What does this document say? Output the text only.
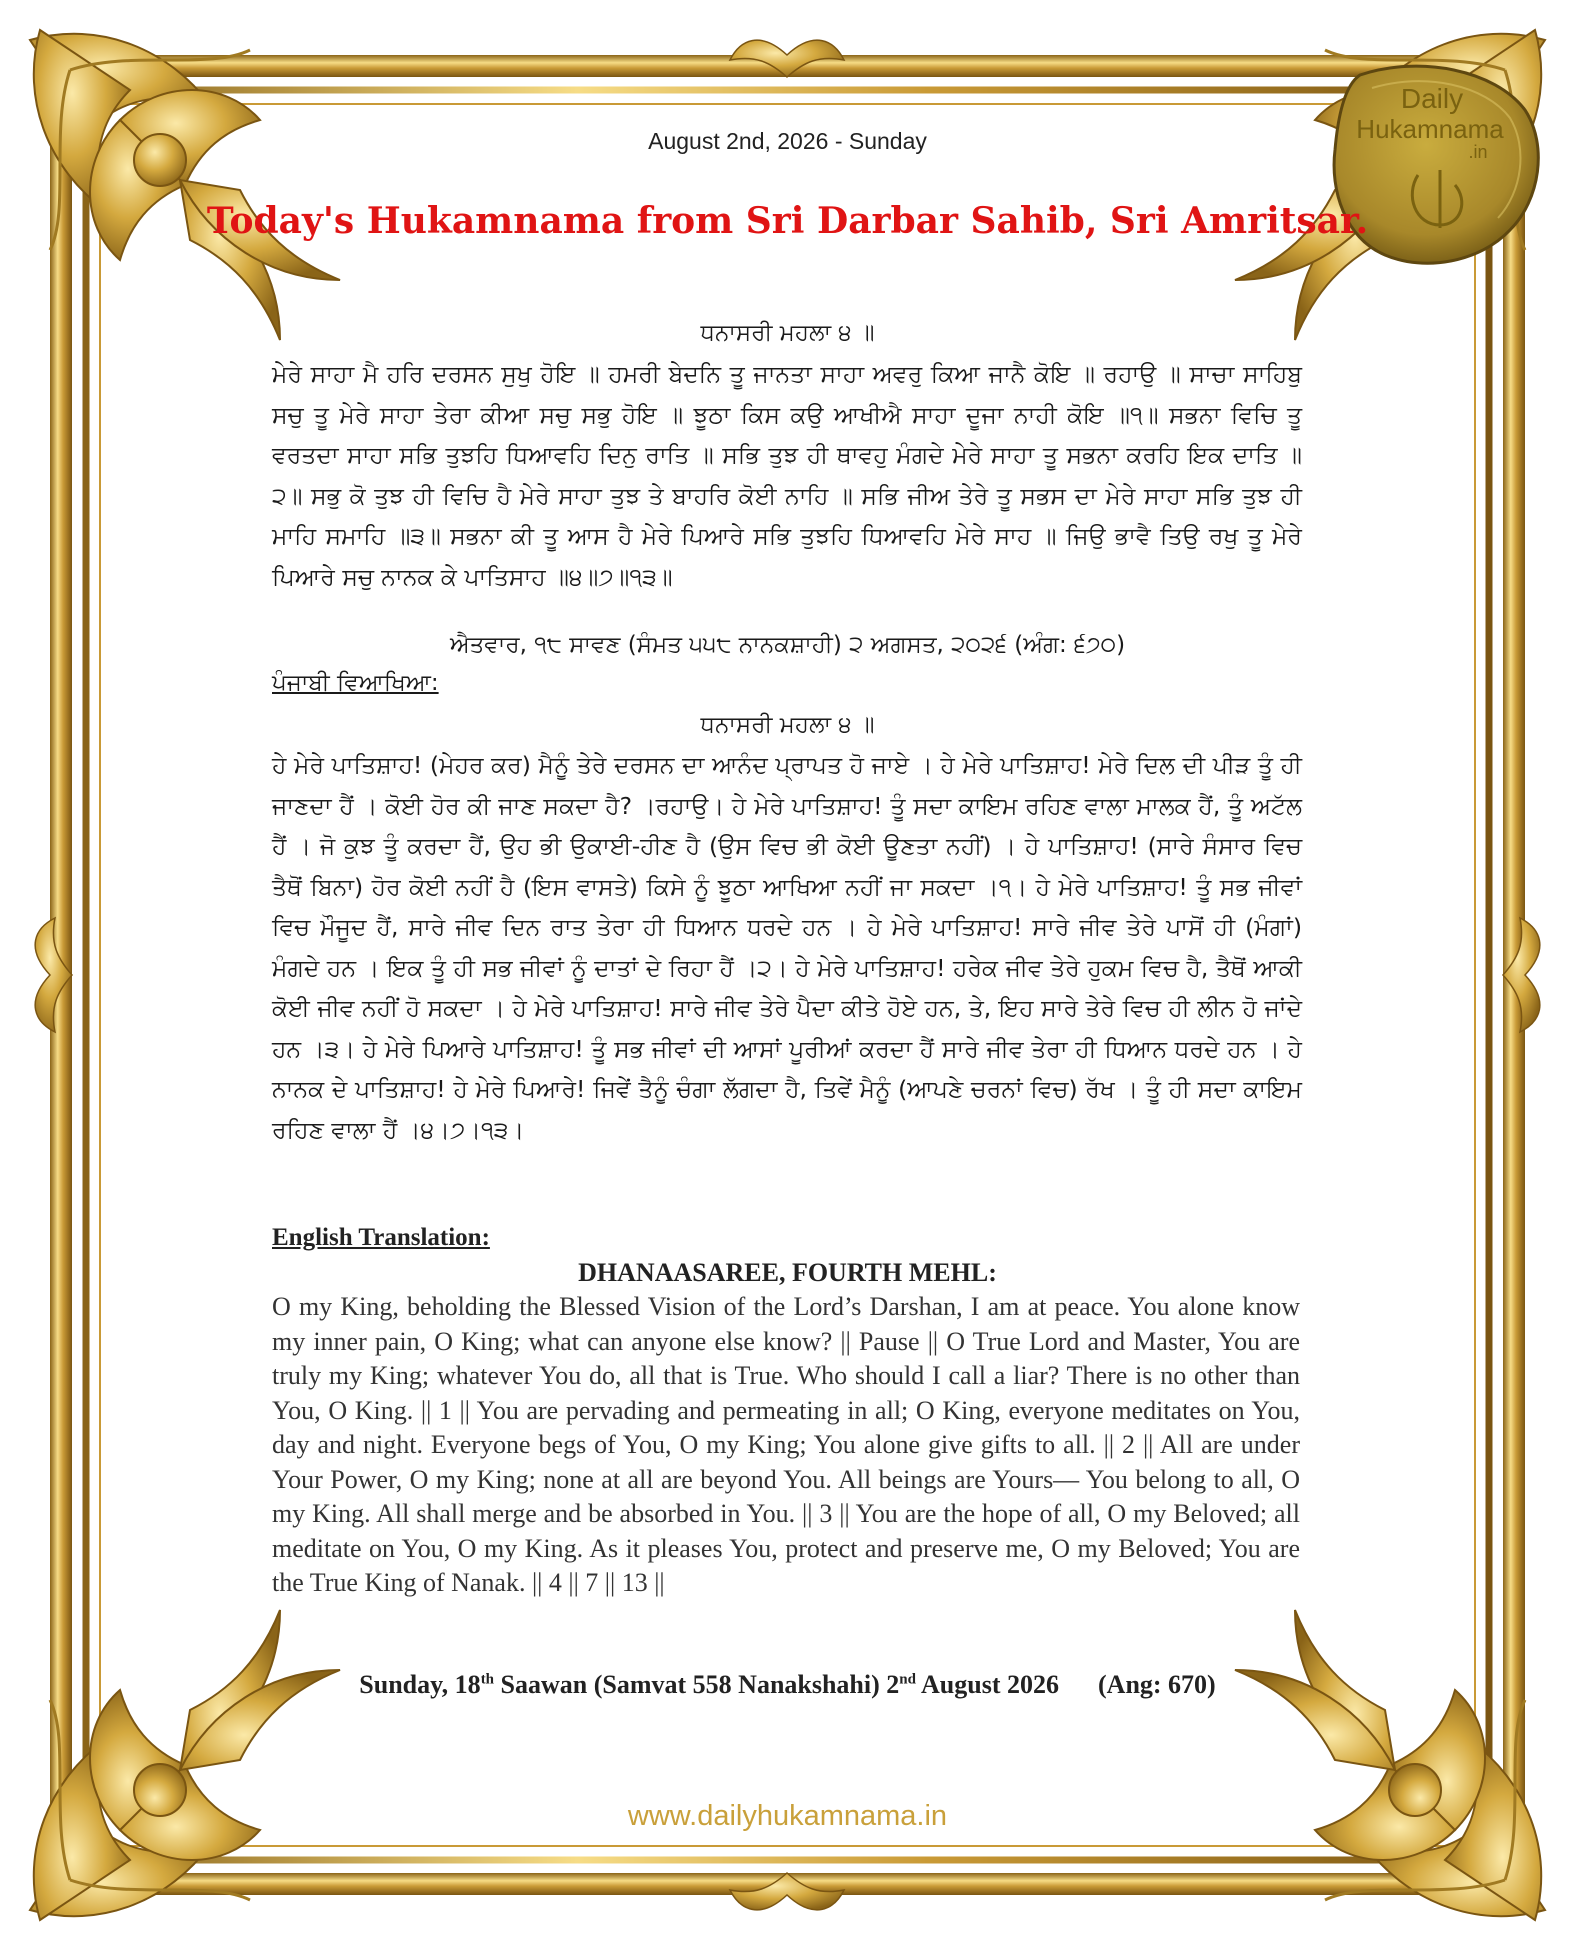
Daily
Hukamnama
.in
August 2nd, 2026 - Sunday
Today's Hukamnama from Sri Darbar Sahib, Sri Amritsar.
ਧਨਾਸਰੀ ਮਹਲਾ ੪ ॥
ਮੇਰੇ ਸਾਹਾ ਮੈ ਹਰਿ ਦਰਸਨ ਸੁਖੁ ਹੋਇ ॥ ਹਮਰੀ ਬੇਦਨਿ ਤੂ ਜਾਨਤਾ ਸਾਹਾ ਅਵਰੁ ਕਿਆ ਜਾਨੈ ਕੋਇ ॥ ਰਹਾਉ ॥ ਸਾਚਾ ਸਾਹਿਬੁ ਸਚੁ ਤੂ ਮੇਰੇ ਸਾਹਾ ਤੇਰਾ ਕੀਆ ਸਚੁ ਸਭੁ ਹੋਇ ॥ ਝੂਠਾ ਕਿਸ ਕਉ ਆਖੀਐ ਸਾਹਾ ਦੂਜਾ ਨਾਹੀ ਕੋਇ ॥੧॥ ਸਭਨਾ ਵਿਚਿ ਤੂ ਵਰਤਦਾ ਸਾਹਾ ਸਭਿ ਤੁਝਹਿ ਧਿਆਵਹਿ ਦਿਨੁ ਰਾਤਿ ॥ ਸਭਿ ਤੁਝ ਹੀ ਥਾਵਹੁ ਮੰਗਦੇ ਮੇਰੇ ਸਾਹਾ ਤੂ ਸਭਨਾ ਕਰਹਿ ਇਕ ਦਾਤਿ ॥੨॥ ਸਭੁ ਕੋ ਤੁਝ ਹੀ ਵਿਚਿ ਹੈ ਮੇਰੇ ਸਾਹਾ ਤੁਝ ਤੇ ਬਾਹਰਿ ਕੋਈ ਨਾਹਿ ॥ ਸਭਿ ਜੀਅ ਤੇਰੇ ਤੂ ਸਭਸ ਦਾ ਮੇਰੇ ਸਾਹਾ ਸਭਿ ਤੁਝ ਹੀ ਮਾਹਿ ਸਮਾਹਿ ॥੩॥ ਸਭਨਾ ਕੀ ਤੂ ਆਸ ਹੈ ਮੇਰੇ ਪਿਆਰੇ ਸਭਿ ਤੁਝਹਿ ਧਿਆਵਹਿ ਮੇਰੇ ਸਾਹ ॥ ਜਿਉ ਭਾਵੈ ਤਿਉ ਰਖੁ ਤੂ ਮੇਰੇ ਪਿਆਰੇ ਸਚੁ ਨਾਨਕ ਕੇ ਪਾਤਿਸਾਹ ॥੪॥੭॥੧੩॥
ਐਤਵਾਰ, ੧੮ ਸਾਵਣ (ਸੰਮਤ ੫੫੮ ਨਾਨਕਸ਼ਾਹੀ) ੨ ਅਗਸਤ, ੨੦੨੬ (ਅੰਗ: ੬੭੦)
ਪੰਜਾਬੀ ਵਿਆਖਿਆ:
ਧਨਾਸਰੀ ਮਹਲਾ ੪ ॥
ਹੇ ਮੇਰੇ ਪਾਤਿਸ਼ਾਹ! (ਮੇਹਰ ਕਰ) ਮੈਨੂੰ ਤੇਰੇ ਦਰਸਨ ਦਾ ਆਨੰਦ ਪ੍ਰਾਪਤ ਹੋ ਜਾਏ । ਹੇ ਮੇਰੇ ਪਾਤਿਸ਼ਾਹ! ਮੇਰੇ ਦਿਲ ਦੀ ਪੀੜ ਤੂੰ ਹੀ ਜਾਣਦਾ ਹੈਂ । ਕੋਈ ਹੋਰ ਕੀ ਜਾਣ ਸਕਦਾ ਹੈ? ।ਰਹਾਉ। ਹੇ ਮੇਰੇ ਪਾਤਿਸ਼ਾਹ! ਤੂੰ ਸਦਾ ਕਾਇਮ ਰਹਿਣ ਵਾਲਾ ਮਾਲਕ ਹੈਂ, ਤੂੰ ਅਟੱਲ ਹੈਂ । ਜੋ ਕੁਝ ਤੂੰ ਕਰਦਾ ਹੈਂ, ਉਹ ਭੀ ਉਕਾਈ-ਹੀਣ ਹੈ (ਉਸ ਵਿਚ ਭੀ ਕੋਈ ਊਣਤਾ ਨਹੀਂ) । ਹੇ ਪਾਤਿਸ਼ਾਹ! (ਸਾਰੇ ਸੰਸਾਰ ਵਿਚ ਤੈਥੋਂ ਬਿਨਾ) ਹੋਰ ਕੋਈ ਨਹੀਂ ਹੈ (ਇਸ ਵਾਸਤੇ) ਕਿਸੇ ਨੂੰ ਝੂਠਾ ਆਖਿਆ ਨਹੀਂ ਜਾ ਸਕਦਾ ।੧। ਹੇ ਮੇਰੇ ਪਾਤਿਸ਼ਾਹ! ਤੂੰ ਸਭ ਜੀਵਾਂ ਵਿਚ ਮੌਜੂਦ ਹੈਂ, ਸਾਰੇ ਜੀਵ ਦਿਨ ਰਾਤ ਤੇਰਾ ਹੀ ਧਿਆਨ ਧਰਦੇ ਹਨ । ਹੇ ਮੇਰੇ ਪਾਤਿਸ਼ਾਹ! ਸਾਰੇ ਜੀਵ ਤੇਰੇ ਪਾਸੋਂ ਹੀ (ਮੰਗਾਂ) ਮੰਗਦੇ ਹਨ । ਇਕ ਤੂੰ ਹੀ ਸਭ ਜੀਵਾਂ ਨੂੰ ਦਾਤਾਂ ਦੇ ਰਿਹਾ ਹੈਂ ।੨। ਹੇ ਮੇਰੇ ਪਾਤਿਸ਼ਾਹ! ਹਰੇਕ ਜੀਵ ਤੇਰੇ ਹੁਕਮ ਵਿਚ ਹੈ, ਤੈਥੋਂ ਆਕੀ ਕੋਈ ਜੀਵ ਨਹੀਂ ਹੋ ਸਕਦਾ । ਹੇ ਮੇਰੇ ਪਾਤਿਸ਼ਾਹ! ਸਾਰੇ ਜੀਵ ਤੇਰੇ ਪੈਦਾ ਕੀਤੇ ਹੋਏ ਹਨ, ਤੇ, ਇਹ ਸਾਰੇ ਤੇਰੇ ਵਿਚ ਹੀ ਲੀਨ ਹੋ ਜਾਂਦੇ ਹਨ ।੩। ਹੇ ਮੇਰੇ ਪਿਆਰੇ ਪਾਤਿਸ਼ਾਹ! ਤੂੰ ਸਭ ਜੀਵਾਂ ਦੀ ਆਸਾਂ ਪੂਰੀਆਂ ਕਰਦਾ ਹੈਂ ਸਾਰੇ ਜੀਵ ਤੇਰਾ ਹੀ ਧਿਆਨ ਧਰਦੇ ਹਨ । ਹੇ ਨਾਨਕ ਦੇ ਪਾਤਿਸ਼ਾਹ! ਹੇ ਮੇਰੇ ਪਿਆਰੇ! ਜਿਵੇਂ ਤੈਨੂੰ ਚੰਗਾ ਲੱਗਦਾ ਹੈ, ਤਿਵੇਂ ਮੈਨੂੰ (ਆਪਣੇ ਚਰਨਾਂ ਵਿਚ) ਰੱਖ । ਤੂੰ ਹੀ ਸਦਾ ਕਾਇਮ ਰਹਿਣ ਵਾਲਾ ਹੈਂ ।੪।੭।੧੩।
English Translation:
DHANAASAREE, FOURTH MEHL:
O my King, beholding the Blessed Vision of the Lord’s Darshan, I am at peace. You alone know my inner pain, O King; what can anyone else know? || Pause || O True Lord and Master, You are truly my King; whatever You do, all that is True. Who should I call a liar? There is no other than You, O King. || 1 || You are pervading and permeating in all; O King, everyone meditates on You, day and night. Everyone begs of You, O my King; You alone give gifts to all. || 2 || All are under Your Power, O my King; none at all are beyond You. All beings are Yours— You belong to all, O my King. All shall merge and be absorbed in You. || 3 || You are the hope of all, O my Beloved; all meditate on You, O my King. As it pleases You, protect and preserve me, O my Beloved; You are the True King of Nanak. || 4 || 7 || 13 ||
Sunday, 18th Saawan (Samvat 558 Nanakshahi) 2nd August 2026      (Ang: 670)
www.dailyhukamnama.in
